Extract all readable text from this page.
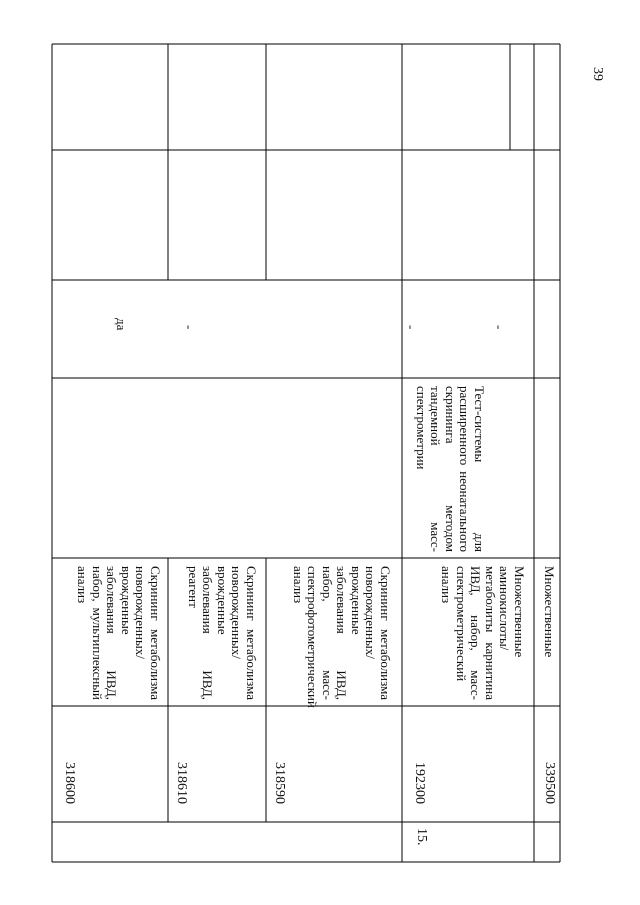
39
318600
Скрининг метаболизма новорожденных/врожденные заболевания ИВД, набор, мультиплексный анализ
да
318610
Скрининг метаболизма новорожденных/врожденные заболевания ИВД, реагент
-
318590
Скрининг метаболизма новорожденных/врожденные заболевания ИВД, набор, масс-спектрофотометрический анализ
15.
192300
Множественные аминокислоты/метаболиты карнитина ИВД, набор, масс-спектрометрический анализ
Тест-системы для расширенного неонатального скрининга методом тандемной масс-спектрометрии
-
339500
Множественные
-
